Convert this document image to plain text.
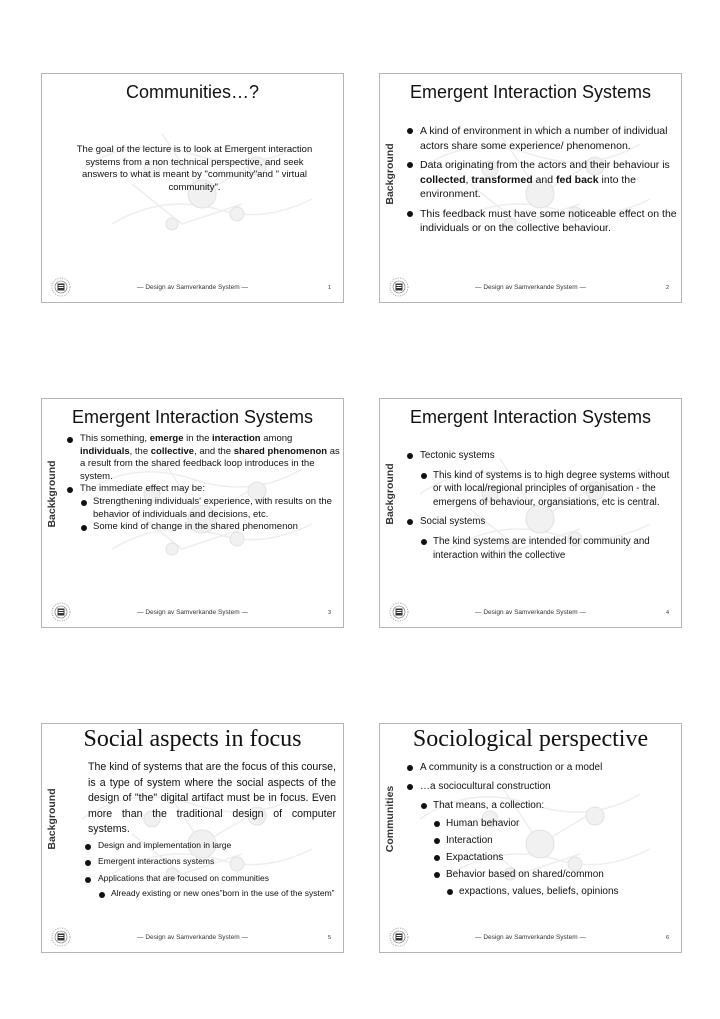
Communities…?
The goal of the lecture is to look at Emergent interaction systems from a non technical perspective, and seek answers to what is meant by "community"and " virtual community".
— Design av Samverkande System —	1
Emergent Interaction Systems
Background
A kind of environment in which a number of individual actors share some experience/ phenomenon.
Data originating from the actors and their behaviour is collected, transformed and fed back into the environment.
This feedback must have some noticeable effect on the individuals or on the collective behaviour.
— Design av Samverkande System —	2
Emergent Interaction Systems
Backkground
This something, emerge in the interaction among individuals, the collective, and the shared phenomenon as a result from the shared feedback loop introduces in the system.
The immediate effect may be:
Strengthening individuals' experience, with results on the behavior of individuals and decisions, etc.
Some kind of change in the shared phenomenon
— Design av Samverkande System —	3
Emergent Interaction Systems
Background
Tectonic systems
This kind of systems is to high degree systems without or with local/regional principles of organisation - the emergens of behaviour, organsiations, etc is central.
Social systems
The kind systems are intended for community and interaction within the collective
— Design av Samverkande System —	4
Social aspects in focus
Background
The kind of systems that are the focus of this course, is a type of system where the social aspects of the design of "the" digital artifact must be in focus. Even more than the traditional design of computer systems.
Design and implementation in large
Emergent interactions systems
Applications that are focused on communities
Already existing or new ones”born in the use of the system”
— Design av Samverkande System —	5
Sociological perspective
Communities
A community is a construction or a model
…a sociocultural construction
That means, a collection:
Human behavior
Interaction
Expactations
Behavior based on shared/common
expactions, values, beliefs, opinions
— Design av Samverkande System —	6
